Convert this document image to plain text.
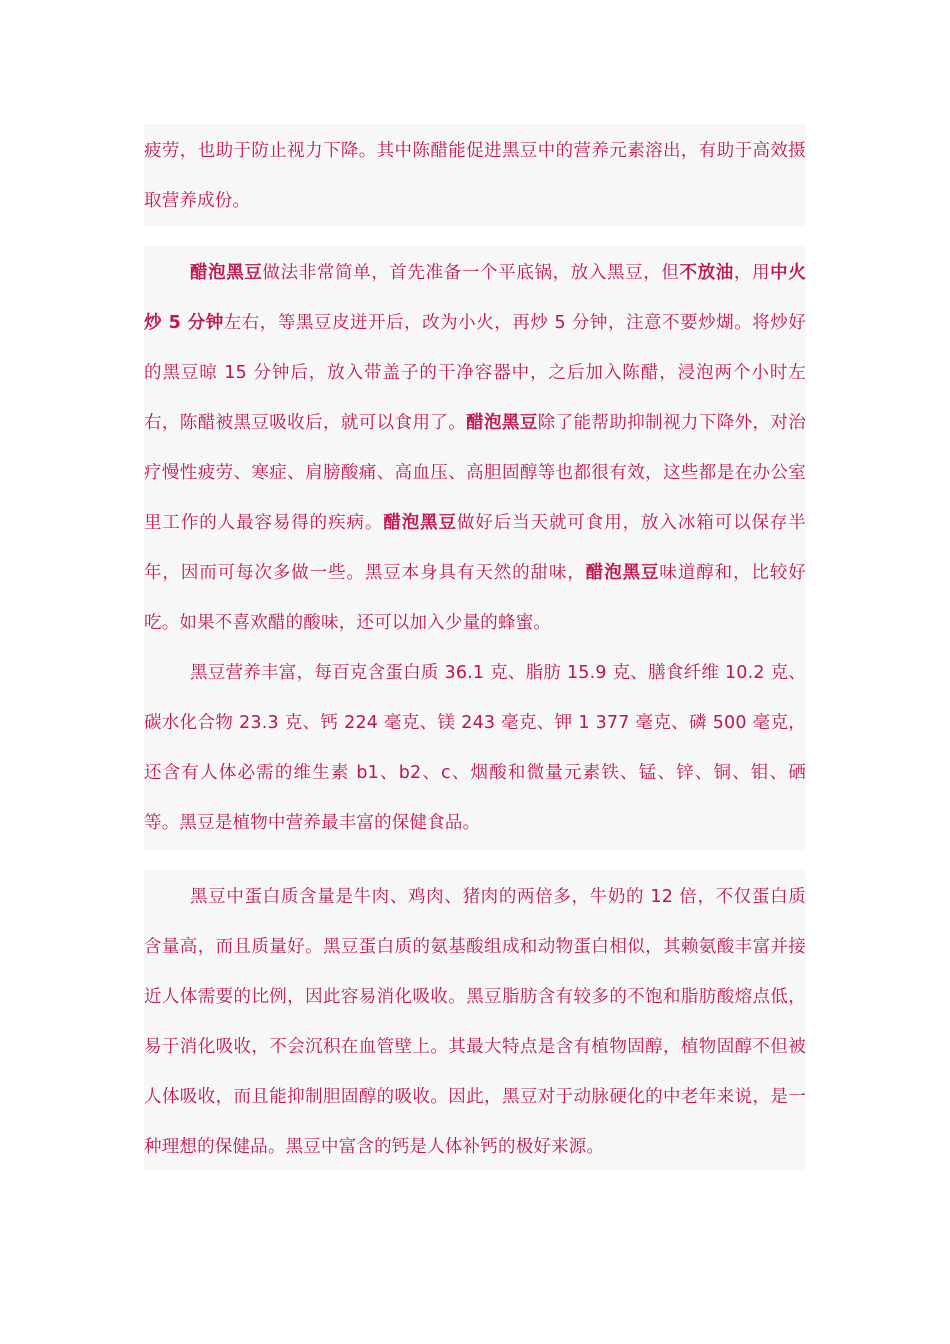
疲劳，也助于防止视力下降。其中陈醋能促进黑豆中的营养元素溶出，有助于高效摄取营养成份。

醋泡黑豆做法非常简单，首先准备一个平底锅，放入黑豆，但不放油，用中火炒 5 分钟左右，等黑豆皮迸开后，改为小火，再炒 5 分钟，注意不要炒煳。将炒好的黑豆晾 15 分钟后，放入带盖子的干净容器中，之后加入陈醋，浸泡两个小时左右，陈醋被黑豆吸收后，就可以食用了。醋泡黑豆除了能帮助抑制视力下降外，对治疗慢性疲劳、寒症、肩膀酸痛、高血压、高胆固醇等也都很有效，这些都是在办公室里工作的人最容易得的疾病。醋泡黑豆做好后当天就可食用，放入冰箱可以保存半年，因而可每次多做一些。黑豆本身具有天然的甜味，醋泡黑豆味道醇和，比较好吃。如果不喜欢醋的酸味，还可以加入少量的蜂蜜。

黑豆营养丰富，每百克含蛋白质 36.1 克、脂肪 15.9 克、膳食纤维 10.2 克、碳水化合物 23.3 克、钙 224 毫克、镁 243 毫克、钾 1 377 毫克、磷 500 毫克，还含有人体必需的维生素 b1、b2、c、烟酸和微量元素铁、锰、锌、铜、钼、硒等。黑豆是植物中营养最丰富的保健食品。

黑豆中蛋白质含量是牛肉、鸡肉、猪肉的两倍多，牛奶的 12 倍，不仅蛋白质含量高，而且质量好。黑豆蛋白质的氨基酸组成和动物蛋白相似，其赖氨酸丰富并接近人体需要的比例，因此容易消化吸收。黑豆脂肪含有较多的不饱和脂肪酸熔点低，易于消化吸收，不会沉积在血管壁上。其最大特点是含有植物固醇，植物固醇不但被人体吸收，而且能抑制胆固醇的吸收。因此，黑豆对于动脉硬化的中老年来说，是一种理想的保健品。黑豆中富含的钙是人体补钙的极好来源。
